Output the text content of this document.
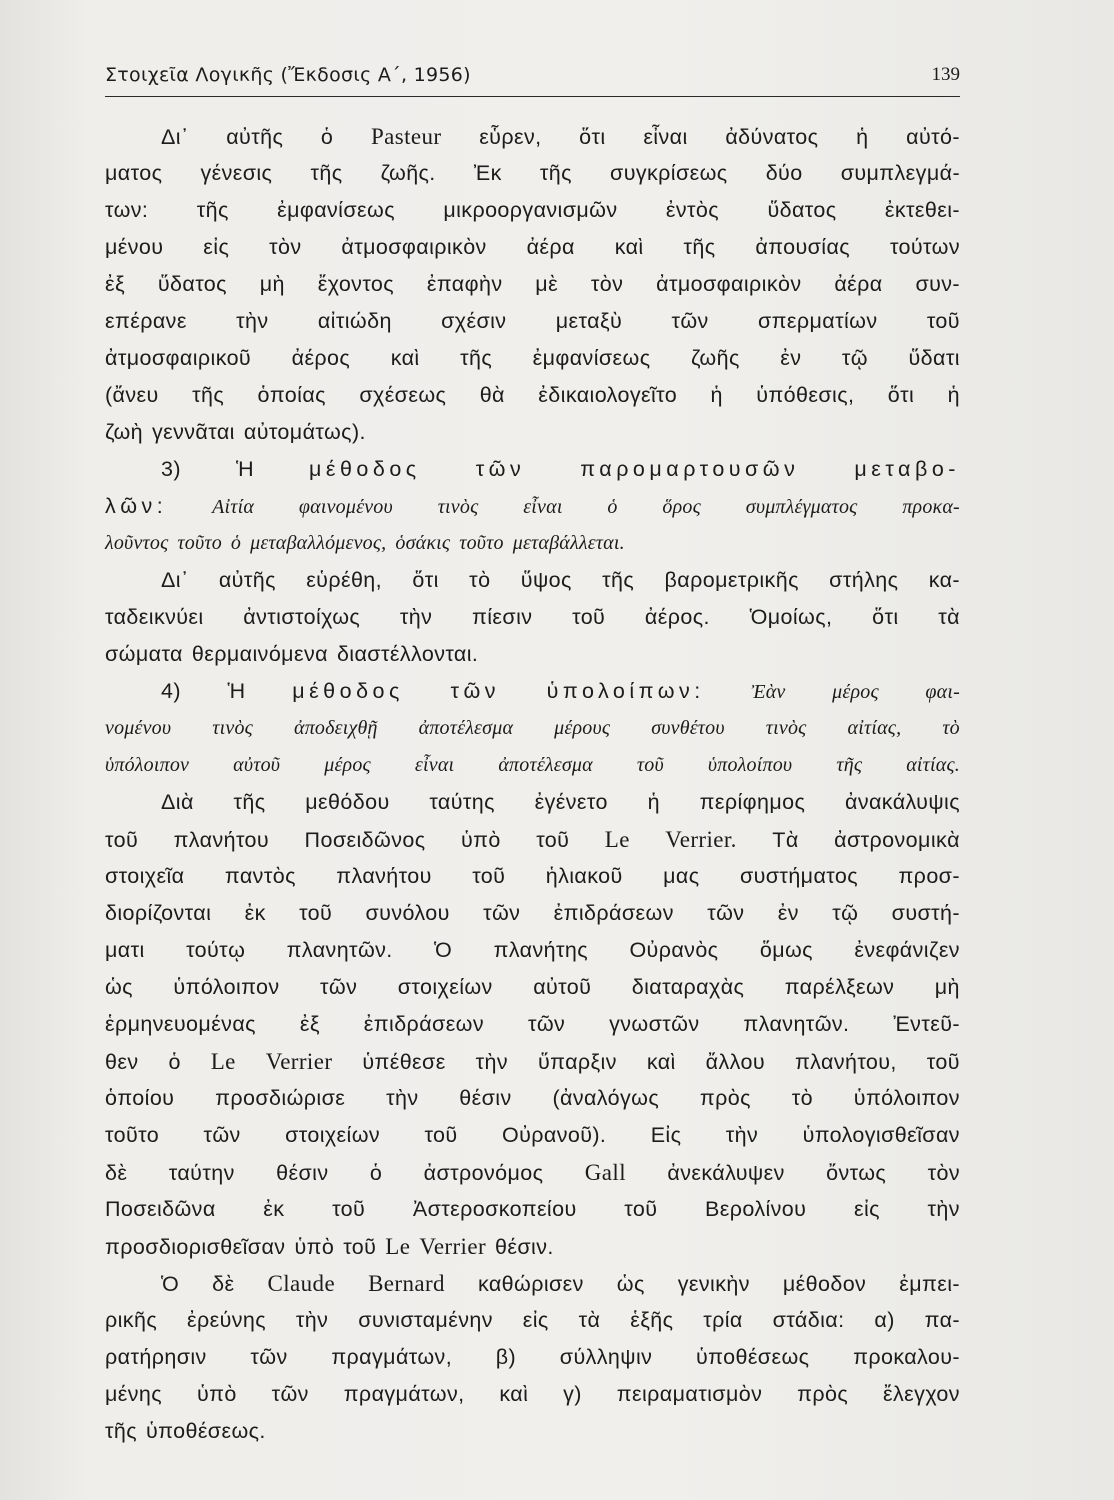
Στοιχεῖα Λογικῆς (Ἔκδοσις Α΄, 1956)	139
Δι᾽ αὐτῆς ὁ Pasteur εὗρεν, ὅτι εἶναι ἀδύνατος ἡ αὐτό-
ματος γένεσις τῆς ζωῆς. Ἐκ τῆς συγκρίσεως δύο συμπλεγμά-
των: τῆς ἐμφανίσεως μικροοργανισμῶν ἐντὸς ὕδατος ἐκτεθει-
μένου εἰς τὸν ἀτμοσφαιρικὸν ἀέρα καὶ τῆς ἀπουσίας τούτων
ἐξ ὕδατος μὴ ἔχοντος ἐπαφὴν μὲ τὸν ἀτμοσφαιρικὸν ἀέρα συν-
επέρανε τὴν αἰτιώδη σχέσιν μεταξὺ τῶν σπερματίων τοῦ
ἀτμοσφαιρικοῦ ἀέρος καὶ τῆς ἐμφανίσεως ζωῆς ἐν τῷ ὕδατι
(ἄνευ τῆς ὁποίας σχέσεως θὰ ἐδικαιολογεῖτο ἡ ὑπόθεσις, ὅτι ἡ
ζωὴ γεννᾶται αὐτομάτως).
3)	Ἡ	μέθοδος	τῶν	παρομαρτουσῶν	μεταβο-
λῶν: Αἰτία φαινομένου τινὸς εἶναι ὁ ὅρος συμπλέγματος προκα-
λοῦντος τοῦτο ὁ μεταβαλλόμενος, ὁσάκις τοῦτο μεταβάλλεται.
Δι᾽ αὐτῆς εὑρέθη, ὅτι τὸ ὕψος τῆς βαρομετρικῆς στήλης κα-
ταδεικνύει ἀντιστοίχως τὴν πίεσιν τοῦ ἀέρος. Ὁμοίως, ὅτι τὰ
σώματα θερμαινόμενα διαστέλλονται.
4) Ἡ μέθοδος τῶν ὑπολοίπων: Ἐὰν μέρος φαι-
νομένου τινὸς ἀποδειχθῇ ἀποτέλεσμα μέρους συνθέτου τινὸς αἰτίας, τὸ
ὑπόλοιπον αὐτοῦ μέρος εἶναι ἀποτέλεσμα τοῦ ὑπολοίπου τῆς αἰτίας.
Διὰ τῆς μεθόδου ταύτης ἐγένετο ἡ περίφημος ἀνακάλυψις
τοῦ πλανήτου Ποσειδῶνος ὑπὸ τοῦ Le Verrier. Τὰ ἀστρονομικὰ
στοιχεῖα παντὸς πλανήτου τοῦ ἡλιακοῦ μας συστήματος προσ-
διορίζονται ἐκ τοῦ συνόλου τῶν ἐπιδράσεων τῶν ἐν τῷ συστή-
ματι τούτῳ πλανητῶν. Ὁ πλανήτης Οὐρανὸς ὅμως ἐνεφάνιζεν
ὡς ὑπόλοιπον τῶν στοιχείων αὐτοῦ διαταραχὰς παρέλξεων μὴ
ἑρμηνευομένας ἐξ ἐπιδράσεων τῶν γνωστῶν πλανητῶν. Ἐντεῦ-
θεν ὁ Le Verrier ὑπέθεσε τὴν ὕπαρξιν καὶ ἄλλου πλανήτου, τοῦ
ὁποίου προσδιώρισε τὴν θέσιν (ἀναλόγως πρὸς τὸ ὑπόλοιπον
τοῦτο τῶν στοιχείων τοῦ Οὐρανοῦ). Εἰς τὴν ὑπολογισθεῖσαν
δὲ ταύτην θέσιν ὁ ἀστρονόμος Gall ἀνεκάλυψεν ὄντως τὸν
Ποσειδῶνα ἐκ τοῦ Ἀστεροσκοπείου τοῦ Βερολίνου εἰς τὴν
προσδιορισθεῖσαν ὑπὸ τοῦ Le Verrier θέσιν.
Ὁ δὲ Claude Bernard καθώρισεν ὡς γενικὴν μέθοδον ἐμπει-
ρικῆς ἐρεύνης τὴν συνισταμένην εἰς τὰ ἑξῆς τρία στάδια: α) πα-
ρατήρησιν τῶν πραγμάτων, β) σύλληψιν ὑποθέσεως προκαλου-
μένης ὑπὸ τῶν πραγμάτων, καὶ γ) πειραματισμὸν πρὸς ἔλεγχον
τῆς ὑποθέσεως.
